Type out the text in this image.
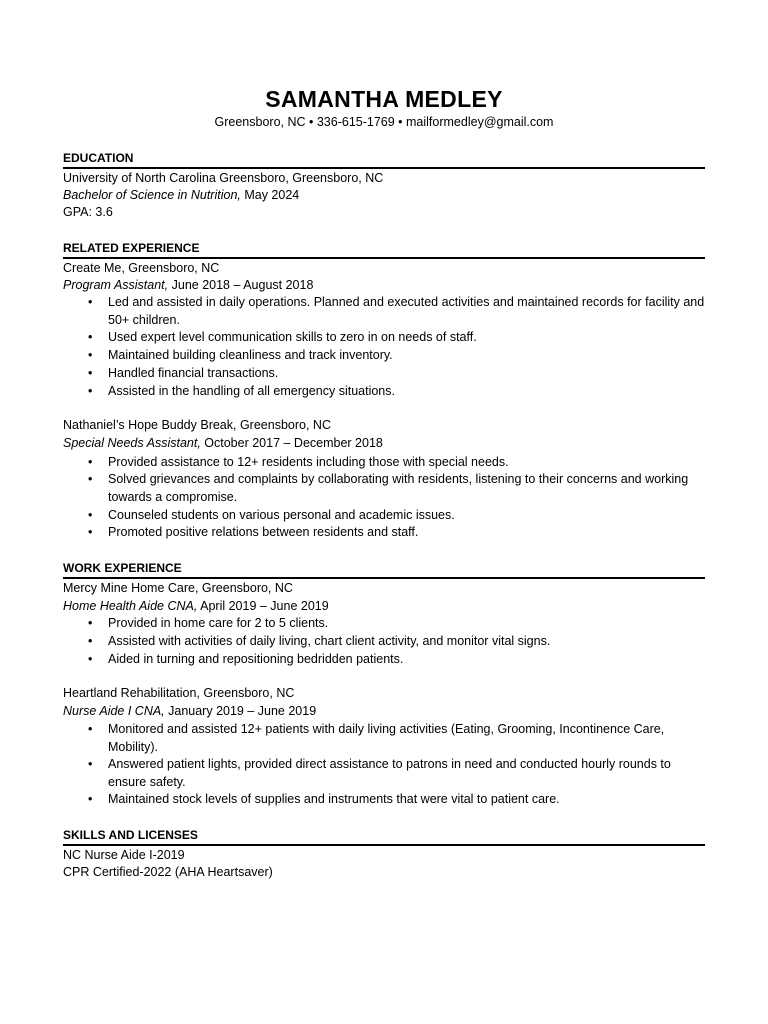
SAMANTHA MEDLEY
Greensboro, NC • 336-615-1769 • mailformedley@gmail.com
EDUCATION
University of North Carolina Greensboro, Greensboro, NC
Bachelor of Science in Nutrition, May 2024
GPA: 3.6
RELATED EXPERIENCE
Create Me, Greensboro, NC
Program Assistant, June 2018 – August 2018
• Led and assisted in daily operations. Planned and executed activities and maintained records for facility and 50+ children.
• Used expert level communication skills to zero in on needs of staff.
• Maintained building cleanliness and track inventory.
• Handled financial transactions.
• Assisted in the handling of all emergency situations.
Nathaniel’s Hope Buddy Break, Greensboro, NC
Special Needs Assistant, October 2017 – December 2018
• Provided assistance to 12+ residents including those with special needs.
• Solved grievances and complaints by collaborating with residents, listening to their concerns and working towards a compromise.
• Counseled students on various personal and academic issues.
• Promoted positive relations between residents and staff.
WORK EXPERIENCE
Mercy Mine Home Care, Greensboro, NC
Home Health Aide CNA, April 2019 – June 2019
• Provided in home care for 2 to 5 clients.
• Assisted with activities of daily living, chart client activity, and monitor vital signs.
• Aided in turning and repositioning bedridden patients.
Heartland Rehabilitation, Greensboro, NC
Nurse Aide I CNA, January 2019 – June 2019
• Monitored and assisted 12+ patients with daily living activities (Eating, Grooming, Incontinence Care, Mobility).
• Answered patient lights, provided direct assistance to patrons in need and conducted hourly rounds to ensure safety.
• Maintained stock levels of supplies and instruments that were vital to patient care.
SKILLS AND LICENSES
NC Nurse Aide I-2019
CPR Certified-2022 (AHA Heartsaver)
